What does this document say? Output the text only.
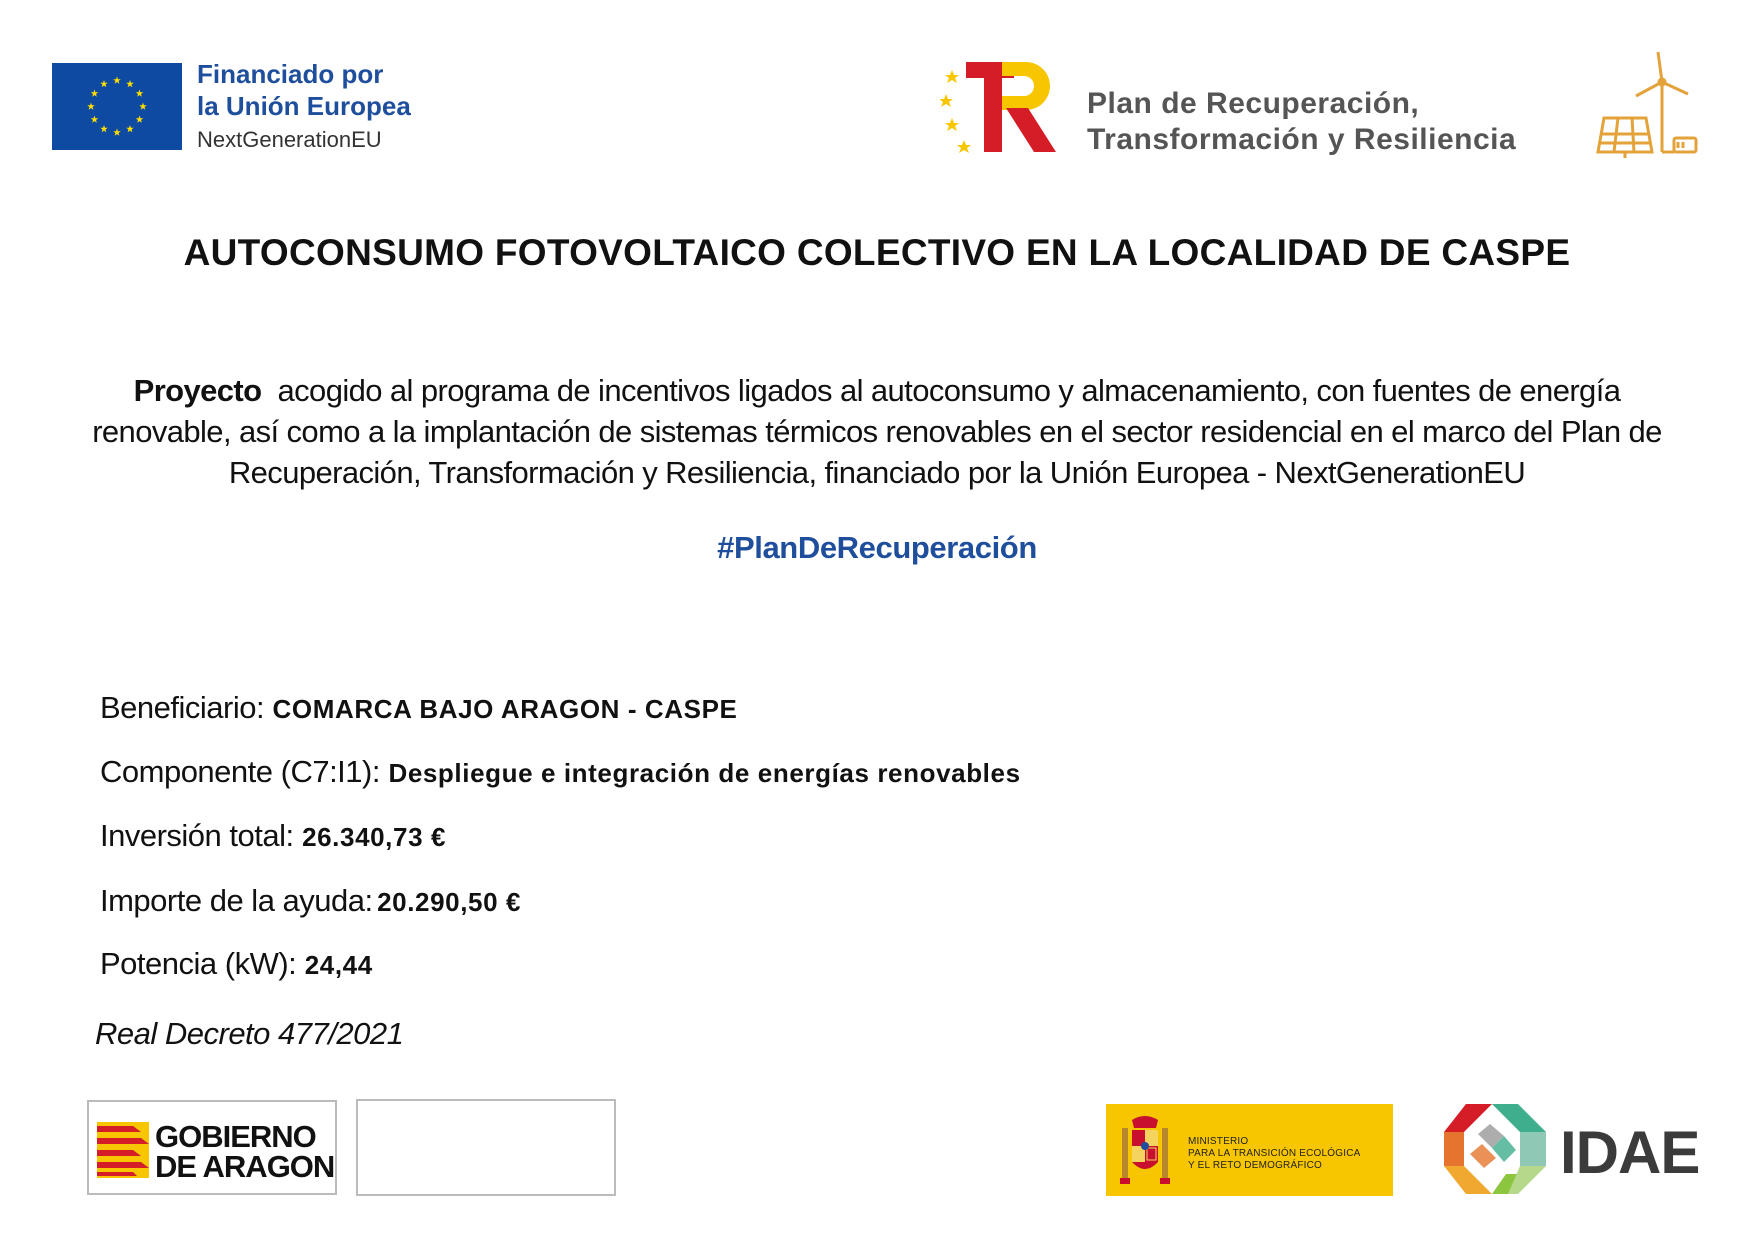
Financiado por
la Unión Europea
NextGenerationEU
Plan de Recuperación,
Transformación y Resiliencia
AUTOCONSUMO FOTOVOLTAICO COLECTIVO EN LA LOCALIDAD DE CASPE
Proyecto acogido al programa de incentivos ligados al autoconsumo y almacenamiento, con fuentes de energía renovable, así como a la implantación de sistemas térmicos renovables en el sector residencial en el marco del Plan de Recuperación, Transformación y Resiliencia, financiado por la Unión Europea - NextGenerationEU
#PlanDeRecuperación
Beneficiario: COMARCA BAJO ARAGON - CASPE
Componente (C7:I1): Despliegue e integración de energías renovables
Inversión total: 26.340,73 €
Importe de la ayuda: 20.290,50 €
Potencia (kW): 24,44
Real Decreto 477/2021
GOBIERNO
DE ARAGON
MINISTERIO
PARA LA TRANSICIÓN ECOLÓGICA
Y EL RETO DEMOGRÁFICO	IDAE
